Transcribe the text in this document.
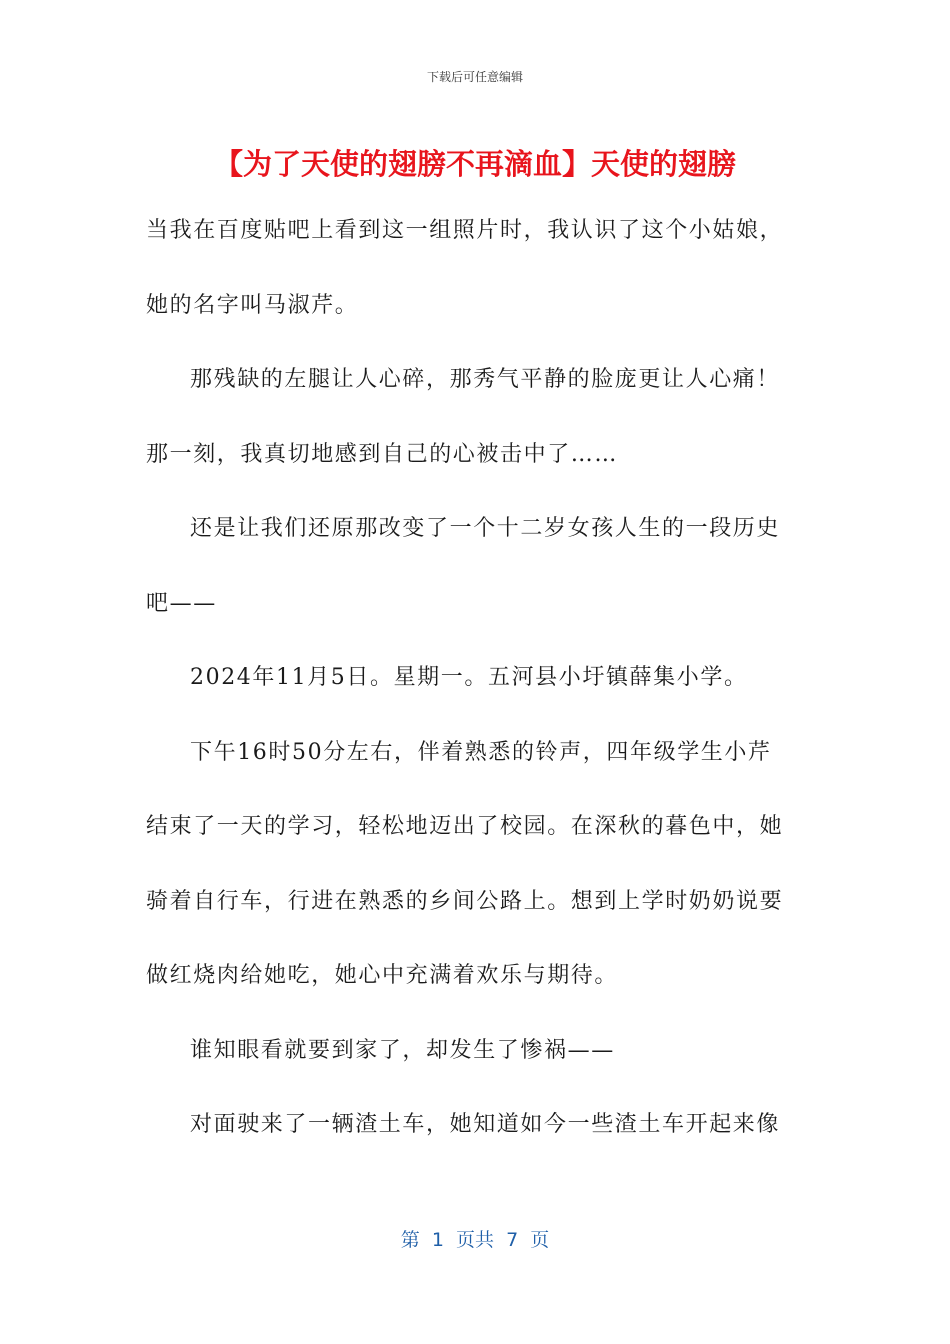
下载后可任意编辑
【为了天使的翅膀不再滴血】天使的翅膀

当我在百度贴吧上看到这一组照片时，我认识了这个小姑娘，

她的名字叫马淑芹。

那残缺的左腿让人心碎，那秀气平静的脸庞更让人心痛！

那一刻，我真切地感到自己的心被击中了……

还是让我们还原那改变了一个十二岁女孩人生的一段历史

吧——

2024年11月5日。星期一。五河县小圩镇薛集小学。

下午16时50分左右，伴着熟悉的铃声，四年级学生小芹

结束了一天的学习，轻松地迈出了校园。在深秋的暮色中，她

骑着自行车，行进在熟悉的乡间公路上。想到上学时奶奶说要

做红烧肉给她吃，她心中充满着欢乐与期待。

谁知眼看就要到家了，却发生了惨祸——

对面驶来了一辆渣土车，她知道如今一些渣土车开起来像

第  1  页共  7  页
